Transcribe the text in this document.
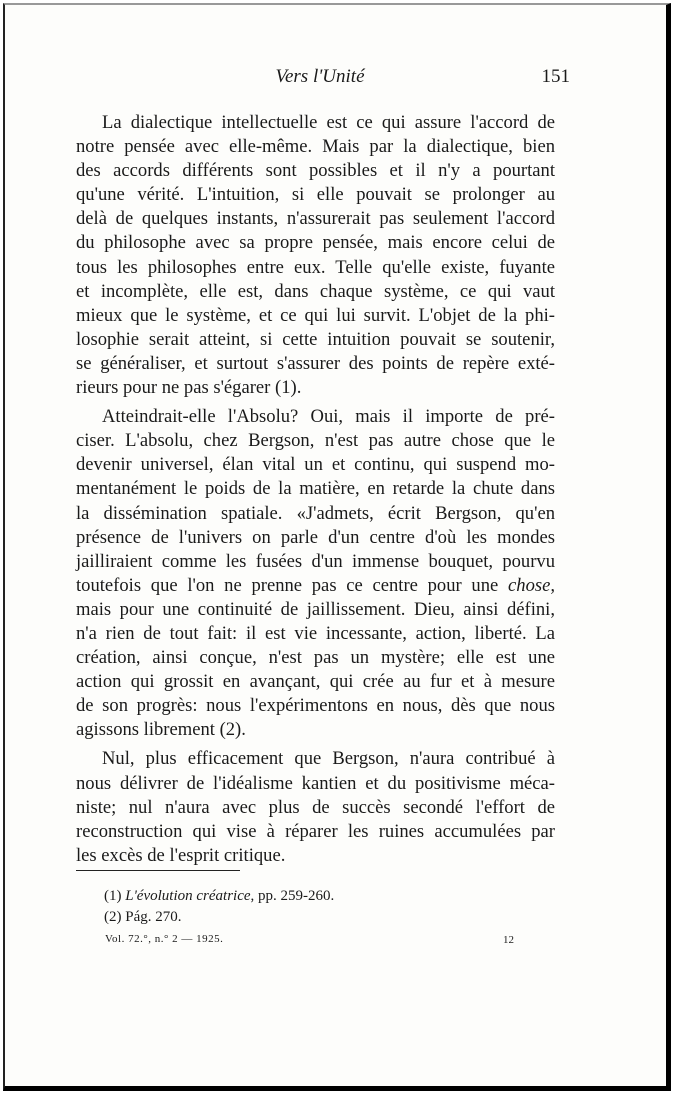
Vers l'Unité	151

La dialectique intellectuelle est ce qui assure l'accord de
notre pensée avec elle-même. Mais par la dialectique, bien
des accords différents sont possibles et il n'y a pourtant
qu'une vérité. L'intuition, si elle pouvait se prolonger au
delà de quelques instants, n'assurerait pas seulement l'accord
du philosophe avec sa propre pensée, mais encore celui de
tous les philosophes entre eux. Telle qu'elle existe, fuyante
et incomplète, elle est, dans chaque système, ce qui vaut
mieux que le système, et ce qui lui survit. L'objet de la phi-
losophie serait atteint, si cette intuition pouvait se soutenir,
se généraliser, et surtout s'assurer des points de repère exté-
rieurs pour ne pas s'égarer (1).

Atteindrait-elle l'Absolu? Oui, mais il importe de pré-
ciser. L'absolu, chez Bergson, n'est pas autre chose que le
devenir universel, élan vital un et continu, qui suspend mo-
mentanément le poids de la matière, en retarde la chute dans
la dissémination spatiale. «J'admets, écrit Bergson, qu'en
présence de l'univers on parle d'un centre d'où les mondes
jailliraient comme les fusées d'un immense bouquet, pourvu
toutefois que l'on ne prenne pas ce centre pour une chose,
mais pour une continuité de jaillissement. Dieu, ainsi défini,
n'a rien de tout fait: il est vie incessante, action, liberté. La
création, ainsi conçue, n'est pas un mystère; elle est une
action qui grossit en avançant, qui crée au fur et à mesure
de son progrès: nous l'expérimentons en nous, dès que nous
agissons librement (2).

Nul, plus efficacement que Bergson, n'aura contribué à
nous délivrer de l'idéalisme kantien et du positivisme méca-
niste; nul n'aura avec plus de succès secondé l'effort de
reconstruction qui vise à réparer les ruines accumulées par
les excès de l'esprit critique.

(1) L'évolution créatrice, pp. 259-260.
(2) Pág. 270.
Vol. 72.°, n.° 2 — 1925.	12
